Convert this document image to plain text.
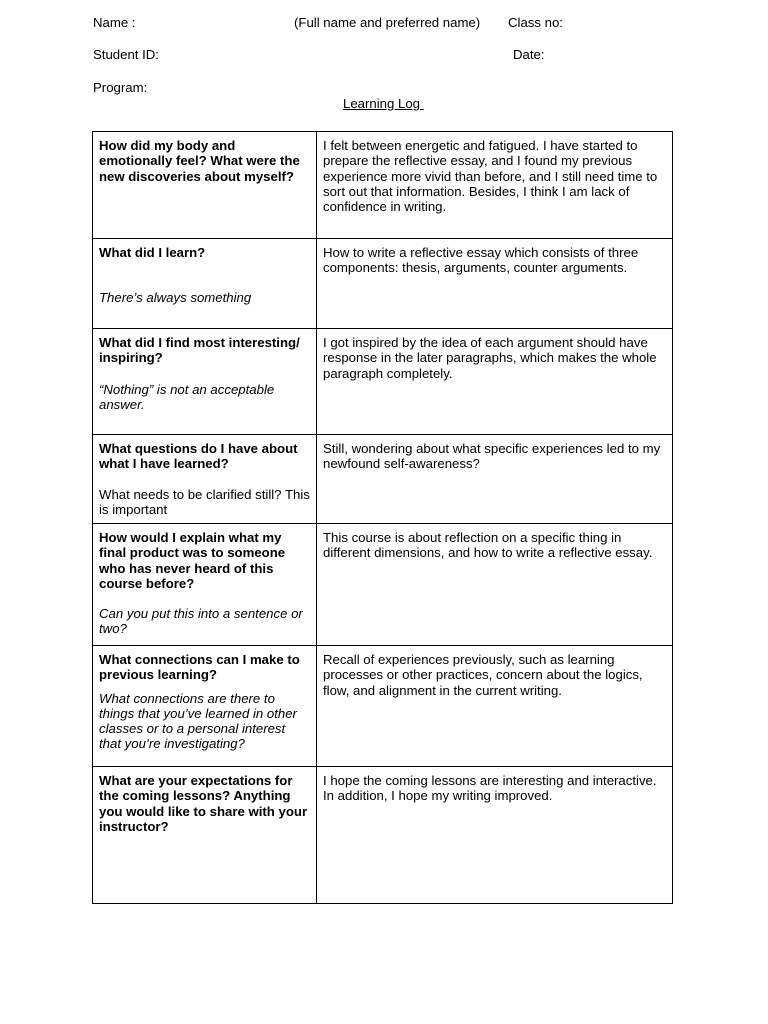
Name :	(Full name and preferred name) Class no:
Student ID:	Date:
Program:
Learning Log
How did my body and emotionally feel? What were the new discoveries about myself?	I felt between energetic and fatigued. I have started to prepare the reflective essay, and I found my previous experience more vivid than before, and I still need time to sort out that information. Besides, I think I am lack of confidence in writing.

What did I learn?
There’s always something	How to write a reflective essay which consists of three components: thesis, arguments, counter arguments.

What did I find most interesting/ inspiring?
“Nothing” is not an acceptable answer.	I got inspired by the idea of each argument should have response in the later paragraphs, which makes the whole paragraph completely.

What questions do I have about what I have learned?
What needs to be clarified still? This is important	Still, wondering about what specific experiences led to my newfound self-awareness?

How would I explain what my final product was to someone who has never heard of this course before?
Can you put this into a sentence or two?	This course is about reflection on a specific thing in different dimensions, and how to write a reflective essay.

What connections can I make to previous learning?
What connections are there to things that you’ve learned in other classes or to a personal interest that you’re investigating?	Recall of experiences previously, such as learning processes or other practices, concern about the logics, flow, and alignment in the current writing.

What are your expectations for the coming lessons? Anything you would like to share with your instructor?	I hope the coming lessons are interesting and interactive. In addition, I hope my writing improved.
